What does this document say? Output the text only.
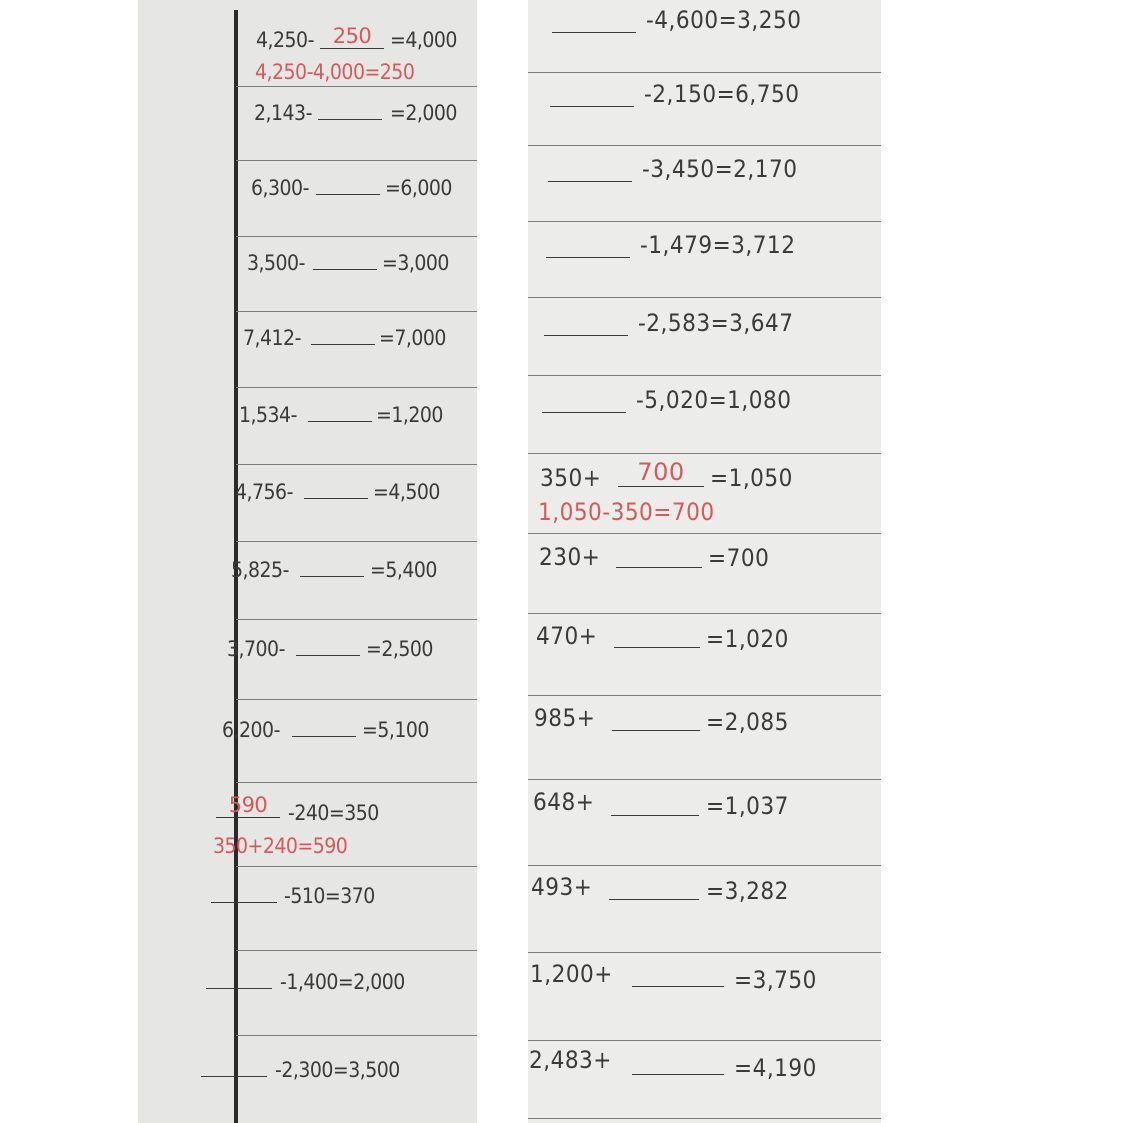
4,250- 250 =4,000
4,250-4,000=250
2,143-	=2,000
6,300-	=6,000
3,500-	=3,000
7,412-	=7,000
1,534-	=1,200
4,756-	=4,500
5,825-	=5,400
3,700-	=2,500
6,200-	=5,100
590 -240=350
350+240=590
-510=370
-1,400=2,000
-2,300=3,500
-4,600=3,250
-2,150=6,750
-3,450=2,170
-1,479=3,712
-2,583=3,647
-5,020=1,080
350+	700	=1,050
1,050-350=700
230+	=700
470+	=1,020
985+	=2,085
648+	=1,037
493+	=3,282
1,200+	=3,750
2,483+	=4,190
